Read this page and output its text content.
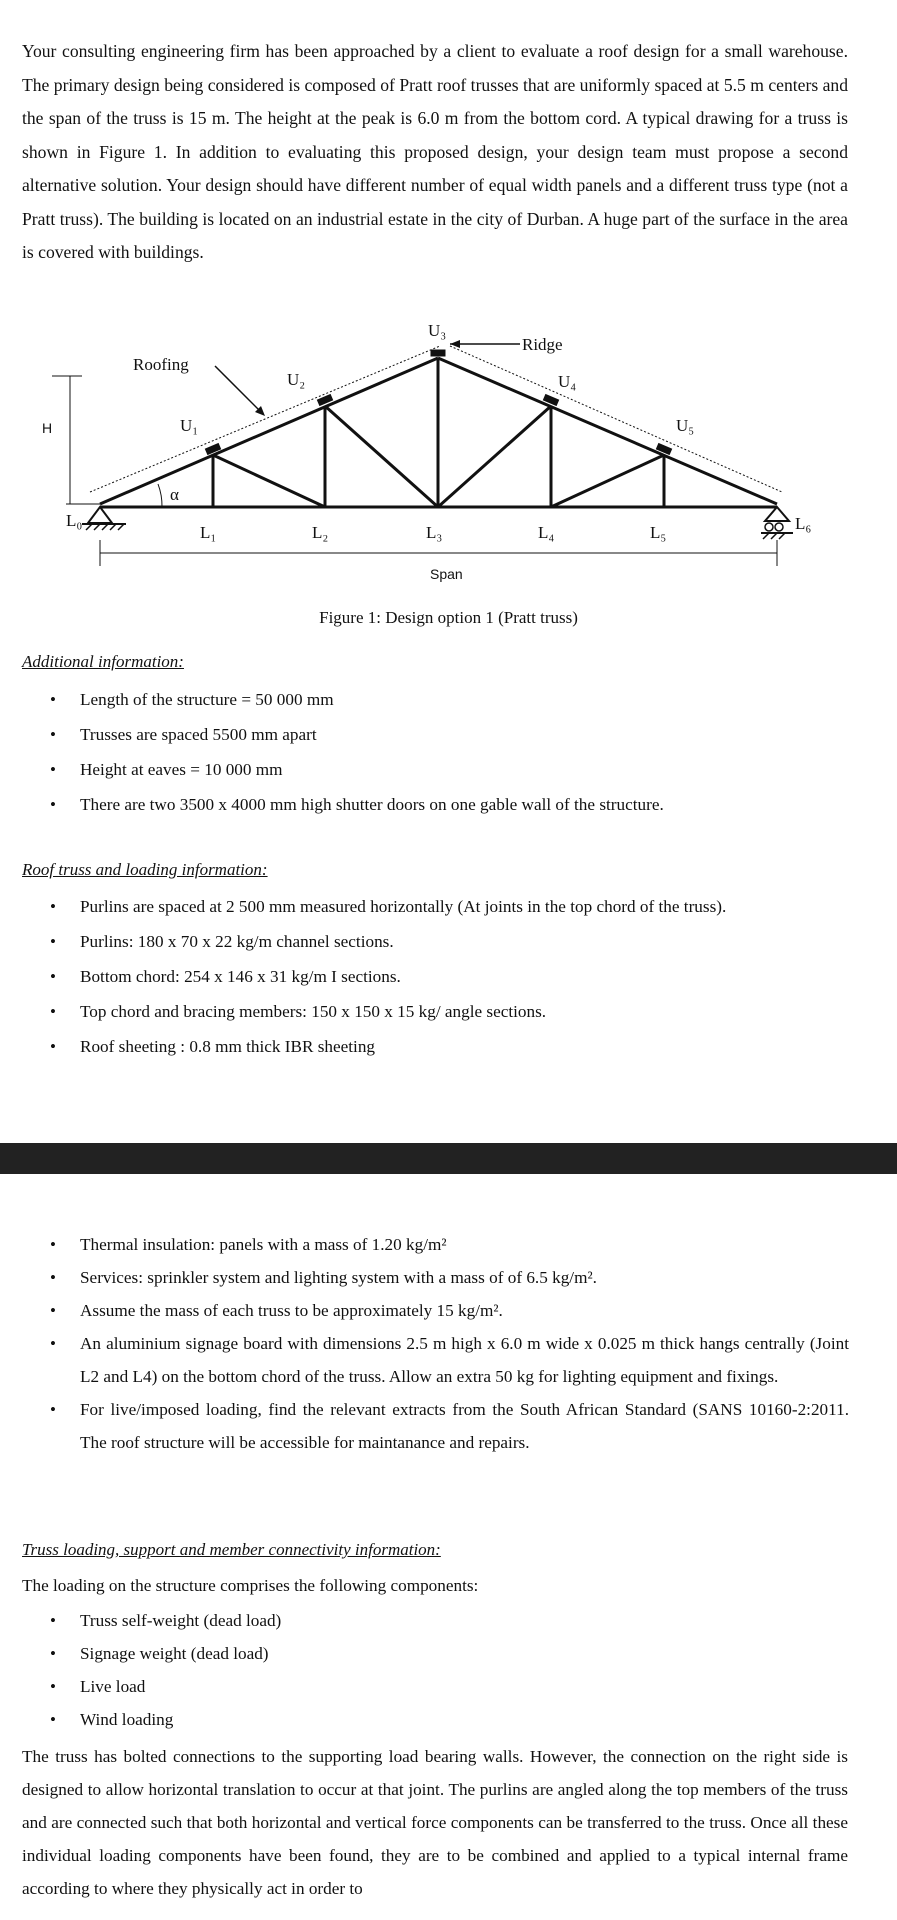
Your consulting engineering firm has been approached by a client to evaluate a roof design for a small warehouse. The primary design being considered is composed of Pratt roof trusses that are uniformly spaced at 5.5 m centers and the span of the truss is 15 m. The height at the peak is 6.0 m from the bottom cord. A typical drawing for a truss is shown in Figure 1. In addition to evaluating this proposed design, your design team must propose a second alternative solution. Your design should have different number of equal width panels and a different truss type (not a Pratt truss). The building is located on an industrial estate in the city of Durban. A huge part of the surface in the area is covered with buildings.

Roofing
Ridge
H
Span
α
U₁
U₂
U₃
U₄
U₅
L₀
L₁	L₂	L₃	L₄	L₅	L₆
Figure 1: Design option 1 (Pratt truss)

Additional information:

• Length of the structure = 50 000 mm
• Trusses are spaced 5500 mm apart
• Height at eaves = 10 000 mm
• There are two 3500 x 4000 mm high shutter doors on one gable wall of the structure.

Roof truss and loading information:

• Purlins are spaced at 2 500 mm measured horizontally (At joints in the top chord of the truss).
• Purlins: 180 x 70 x 22 kg/m channel sections.
• Bottom chord: 254 x 146 x 31 kg/m I sections.
• Top chord and bracing members: 150 x 150 x 15 kg/ angle sections.
• Roof sheeting : 0.8 mm thick IBR sheeting
• Thermal insulation: panels with a mass of 1.20 kg/m²
• Services: sprinkler system and lighting system with a mass of of 6.5 kg/m².
• Assume the mass of each truss to be approximately 15 kg/m².
• An aluminium signage board with dimensions 2.5 m high x 6.0 m wide x 0.025 m thick hangs centrally (Joint L2 and L4) on the bottom chord of the truss. Allow an extra 50 kg for lighting equipment and fixings.
• For live/imposed loading, find the relevant extracts from the South African Standard (SANS 10160-2:2011. The roof structure will be accessible for maintanance and repairs.

Truss loading, support and member connectivity information:

The loading on the structure comprises the following components:

• Truss self-weight (dead load)
• Signage weight (dead load)
• Live load
• Wind loading

The truss has bolted connections to the supporting load bearing walls. However, the connection on the right side is designed to allow horizontal translation to occur at that joint. The purlins are angled along the top members of the truss and are connected such that both horizontal and vertical force components can be transferred to the truss. Once all these individual loading components have been found, they are to be combined and applied to a typical internal frame according to where they physically act in order to
